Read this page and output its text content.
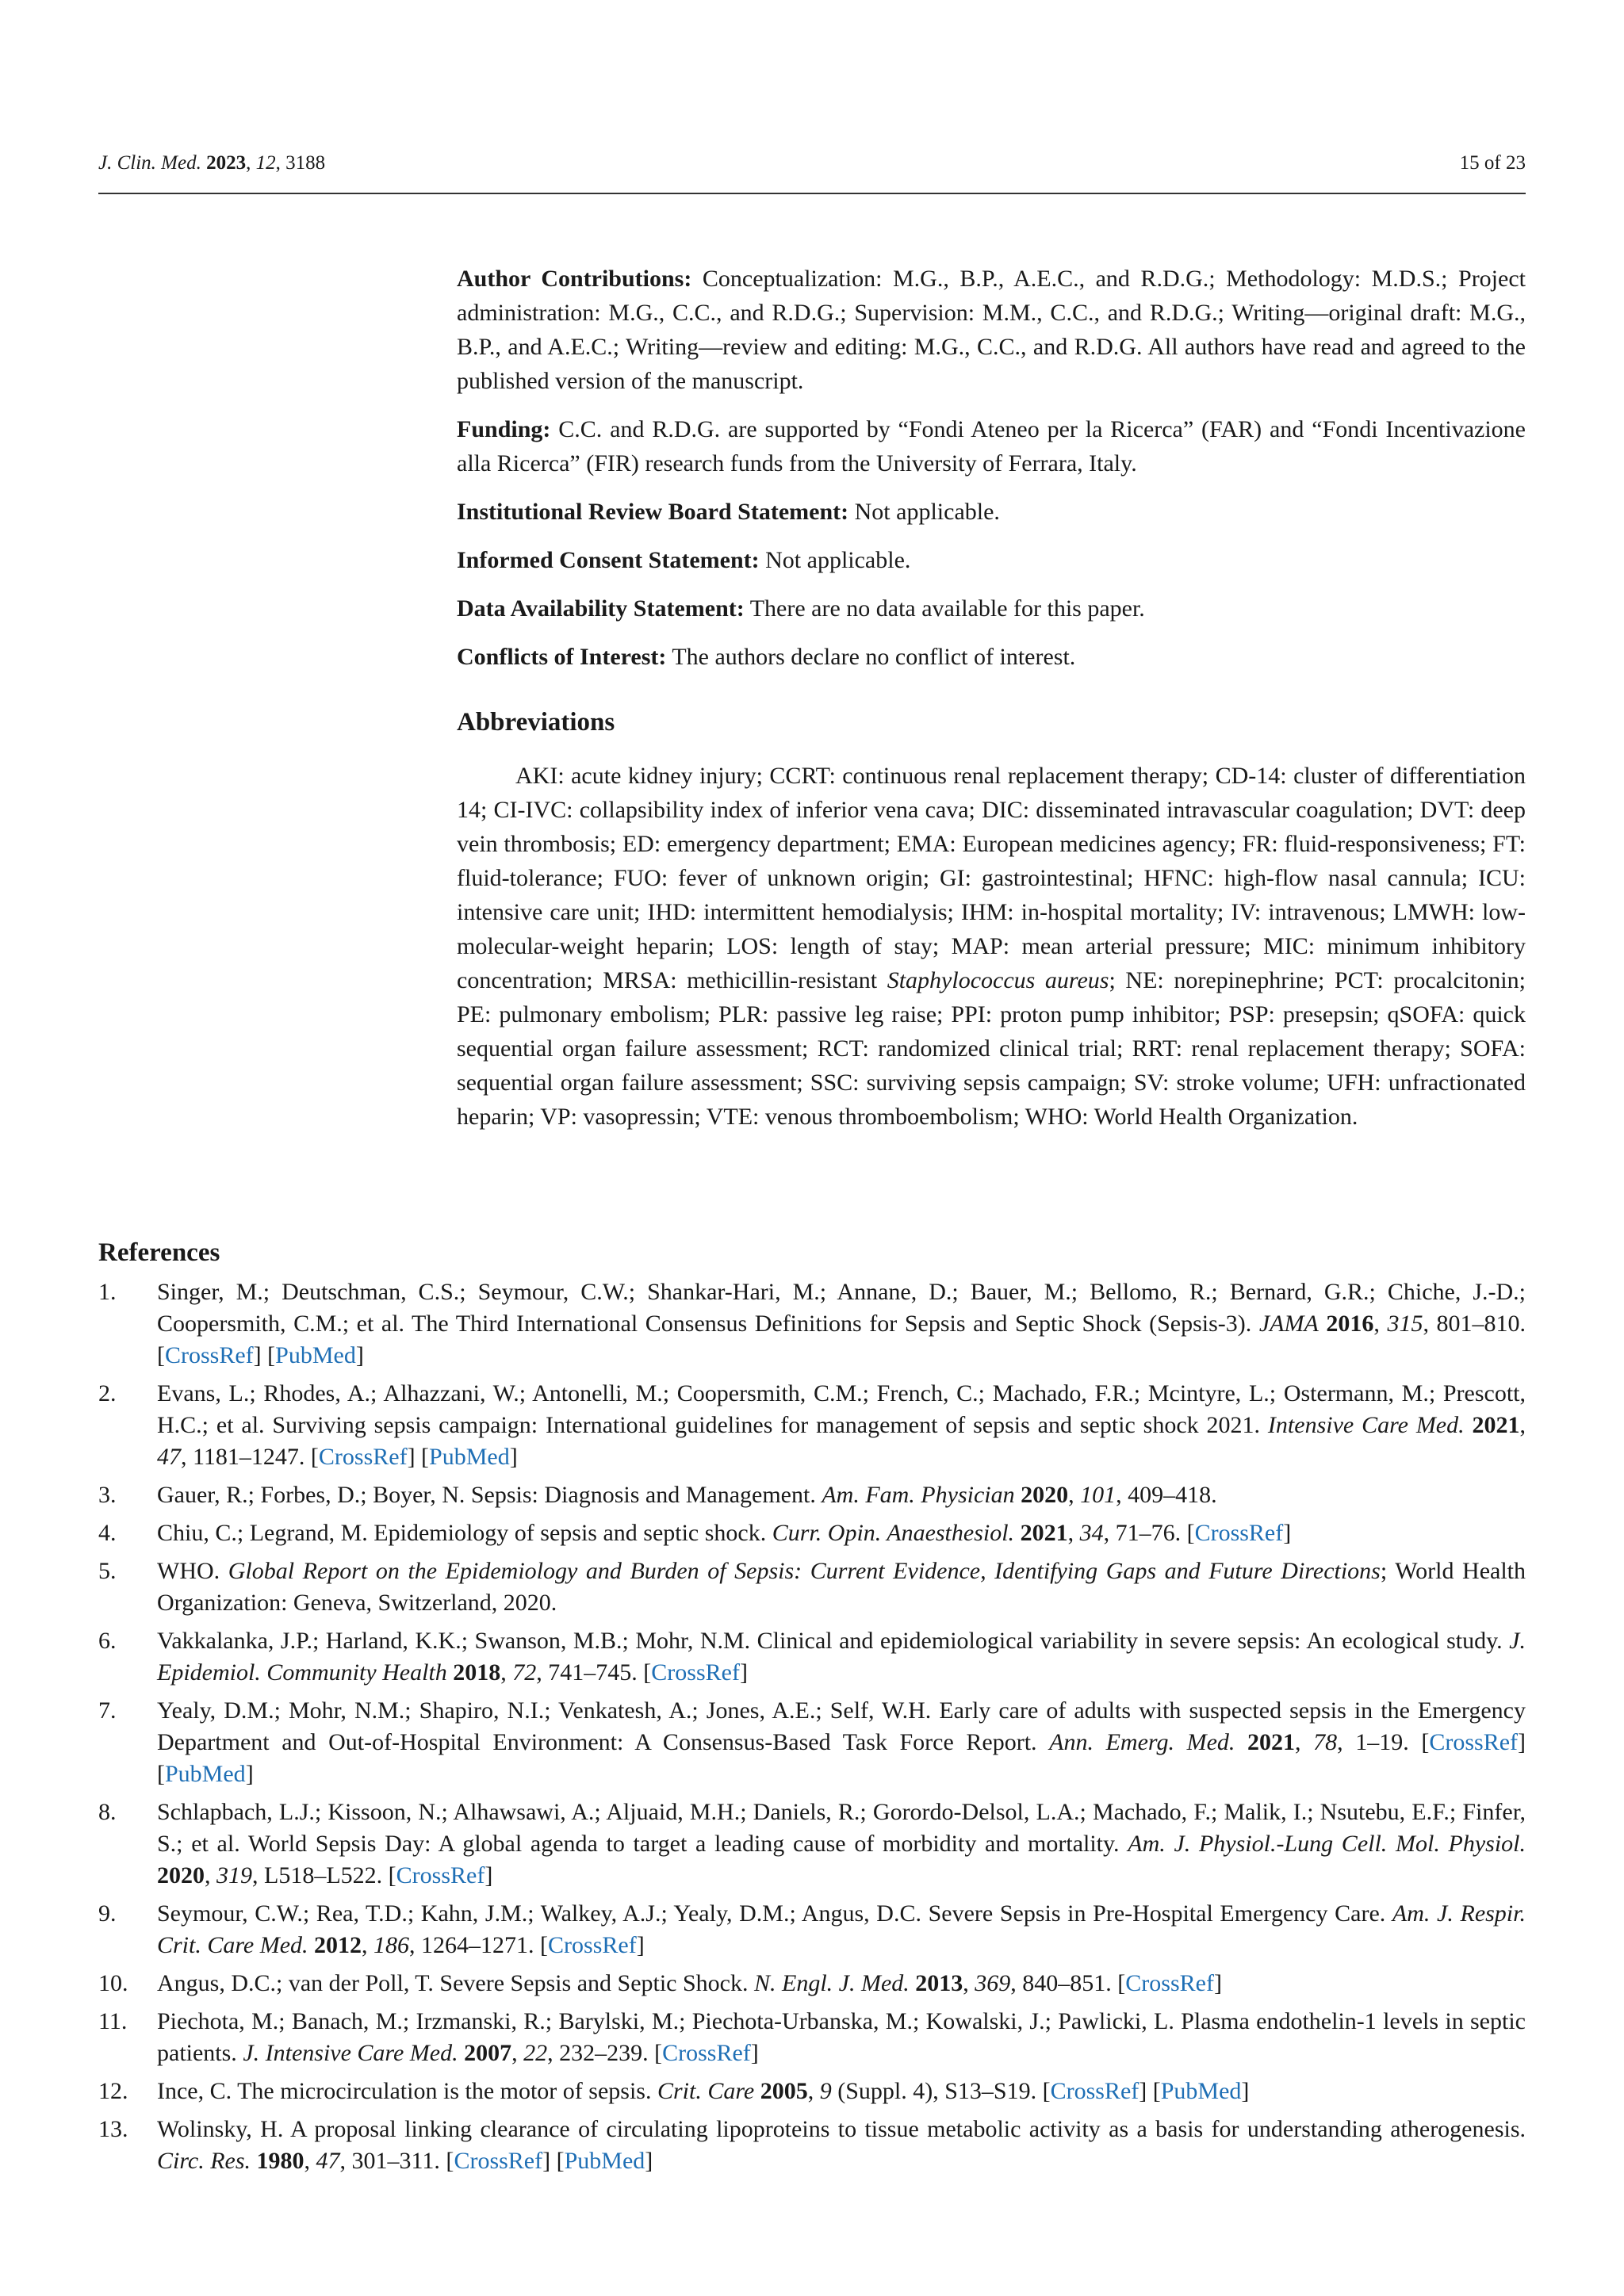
J. Clin. Med. 2023, 12, 3188	15 of 23

Author Contributions: Conceptualization: M.G., B.P., A.E.C., and R.D.G.; Methodology: M.D.S.; Project administration: M.G., C.C., and R.D.G.; Supervision: M.M., C.C., and R.D.G.; Writing—original draft: M.G., B.P., and A.E.C.; Writing—review and editing: M.G., C.C., and R.D.G. All authors have read and agreed to the published version of the manuscript.

Funding: C.C. and R.D.G. are supported by “Fondi Ateneo per la Ricerca” (FAR) and “Fondi Incentivazione alla Ricerca” (FIR) research funds from the University of Ferrara, Italy.

Institutional Review Board Statement: Not applicable.

Informed Consent Statement: Not applicable.

Data Availability Statement: There are no data available for this paper.

Conflicts of Interest: The authors declare no conflict of interest.

Abbreviations

AKI: acute kidney injury; CCRT: continuous renal replacement therapy; CD-14: cluster of differentiation 14; CI-IVC: collapsibility index of inferior vena cava; DIC: disseminated intravascular coagulation; DVT: deep vein thrombosis; ED: emergency department; EMA: European medicines agency; FR: fluid-responsiveness; FT: fluid-tolerance; FUO: fever of unknown origin; GI: gastrointestinal; HFNC: high-flow nasal cannula; ICU: intensive care unit; IHD: intermittent hemodialysis; IHM: in-hospital mortality; IV: intravenous; LMWH: low-molecular-weight heparin; LOS: length of stay; MAP: mean arterial pressure; MIC: minimum inhibitory concentration; MRSA: methicillin-resistant Staphylococcus aureus; NE: norepinephrine; PCT: procalcitonin; PE: pulmonary embolism; PLR: passive leg raise; PPI: proton pump inhibitor; PSP: presepsin; qSOFA: quick sequential organ failure assessment; RCT: randomized clinical trial; RRT: renal replacement therapy; SOFA: sequential organ failure assessment; SSC: surviving sepsis campaign; SV: stroke volume; UFH: unfractionated heparin; VP: vasopressin; VTE: venous thromboembolism; WHO: World Health Organization.

References
1. Singer, M.; Deutschman, C.S.; Seymour, C.W.; Shankar-Hari, M.; Annane, D.; Bauer, M.; Bellomo, R.; Bernard, G.R.; Chiche, J.-D.; Coopersmith, C.M.; et al. The Third International Consensus Definitions for Sepsis and Septic Shock (Sepsis-3). JAMA 2016, 315, 801–810. [CrossRef] [PubMed]
2. Evans, L.; Rhodes, A.; Alhazzani, W.; Antonelli, M.; Coopersmith, C.M.; French, C.; Machado, F.R.; Mcintyre, L.; Ostermann, M.; Prescott, H.C.; et al. Surviving sepsis campaign: International guidelines for management of sepsis and septic shock 2021. Intensive Care Med. 2021, 47, 1181–1247. [CrossRef] [PubMed]
3. Gauer, R.; Forbes, D.; Boyer, N. Sepsis: Diagnosis and Management. Am. Fam. Physician 2020, 101, 409–418.
4. Chiu, C.; Legrand, M. Epidemiology of sepsis and septic shock. Curr. Opin. Anaesthesiol. 2021, 34, 71–76. [CrossRef]
5. WHO. Global Report on the Epidemiology and Burden of Sepsis: Current Evidence, Identifying Gaps and Future Directions; World Health Organization: Geneva, Switzerland, 2020.
6. Vakkalanka, J.P.; Harland, K.K.; Swanson, M.B.; Mohr, N.M. Clinical and epidemiological variability in severe sepsis: An ecological study. J. Epidemiol. Community Health 2018, 72, 741–745. [CrossRef]
7. Yealy, D.M.; Mohr, N.M.; Shapiro, N.I.; Venkatesh, A.; Jones, A.E.; Self, W.H. Early care of adults with suspected sepsis in the Emergency Department and Out-of-Hospital Environment: A Consensus-Based Task Force Report. Ann. Emerg. Med. 2021, 78, 1–19. [CrossRef] [PubMed]
8. Schlapbach, L.J.; Kissoon, N.; Alhawsawi, A.; Aljuaid, M.H.; Daniels, R.; Gorordo-Delsol, L.A.; Machado, F.; Malik, I.; Nsutebu, E.F.; Finfer, S.; et al. World Sepsis Day: A global agenda to target a leading cause of morbidity and mortality. Am. J. Physiol.-Lung Cell. Mol. Physiol. 2020, 319, L518–L522. [CrossRef]
9. Seymour, C.W.; Rea, T.D.; Kahn, J.M.; Walkey, A.J.; Yealy, D.M.; Angus, D.C. Severe Sepsis in Pre-Hospital Emergency Care. Am. J. Respir. Crit. Care Med. 2012, 186, 1264–1271. [CrossRef]
10. Angus, D.C.; van der Poll, T. Severe Sepsis and Septic Shock. N. Engl. J. Med. 2013, 369, 840–851. [CrossRef]
11. Piechota, M.; Banach, M.; Irzmanski, R.; Barylski, M.; Piechota-Urbanska, M.; Kowalski, J.; Pawlicki, L. Plasma endothelin-1 levels in septic patients. J. Intensive Care Med. 2007, 22, 232–239. [CrossRef]
12. Ince, C. The microcirculation is the motor of sepsis. Crit. Care 2005, 9 (Suppl. 4), S13–S19. [CrossRef] [PubMed]
13. Wolinsky, H. A proposal linking clearance of circulating lipoproteins to tissue metabolic activity as a basis for understanding atherogenesis. Circ. Res. 1980, 47, 301–311. [CrossRef] [PubMed]
